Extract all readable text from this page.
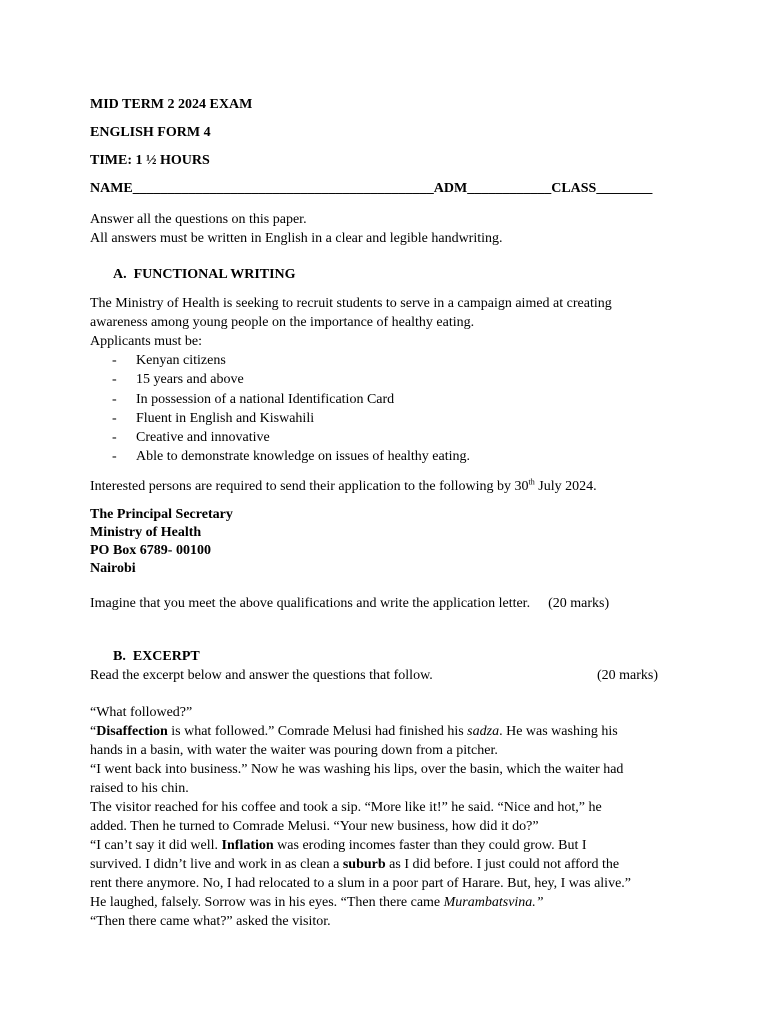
MID TERM 2 2024 EXAM
ENGLISH FORM 4
TIME: 1 ½ HOURS
NAME___________________________________________ADM____________CLASS________
Answer all the questions on this paper.
All answers must be written in English in a clear and legible handwriting.
A.  FUNCTIONAL WRITING
The Ministry of Health is seeking to recruit students to serve in a campaign aimed at creating
awareness among young people on the importance of healthy eating.
Applicants must be:
-	Kenyan citizens
-	15 years and above
-	In possession of a national Identification Card
-	Fluent in English and Kiswahili
-	Creative and innovative
-	Able to demonstrate knowledge on issues of healthy eating.
Interested persons are required to send their application to the following by 30th July 2024.
The Principal Secretary
Ministry of Health
PO Box 6789- 00100
Nairobi
Imagine that you meet the above qualifications and write the application letter. (20 marks)
B.  EXCERPT
Read the excerpt below and answer the questions that follow.	(20 marks)
“What followed?”
“Disaffection is what followed.” Comrade Melusi had finished his sadza. He was washing his
hands in a basin, with water the waiter was pouring down from a pitcher.
“I went back into business.” Now he was washing his lips, over the basin, which the waiter had
raised to his chin.
The visitor reached for his coffee and took a sip. “More like it!” he said. “Nice and hot,” he
added. Then he turned to Comrade Melusi. “Your new business, how did it do?”
“I can’t say it did well. Inflation was eroding incomes faster than they could grow. But I
survived. I didn’t live and work in as clean a suburb as I did before. I just could not afford the
rent there anymore. No, I had relocated to a slum in a poor part of Harare. But, hey, I was alive.”
He laughed, falsely. Sorrow was in his eyes. “Then there came Murambatsvina.”
“Then there came what?” asked the visitor.
